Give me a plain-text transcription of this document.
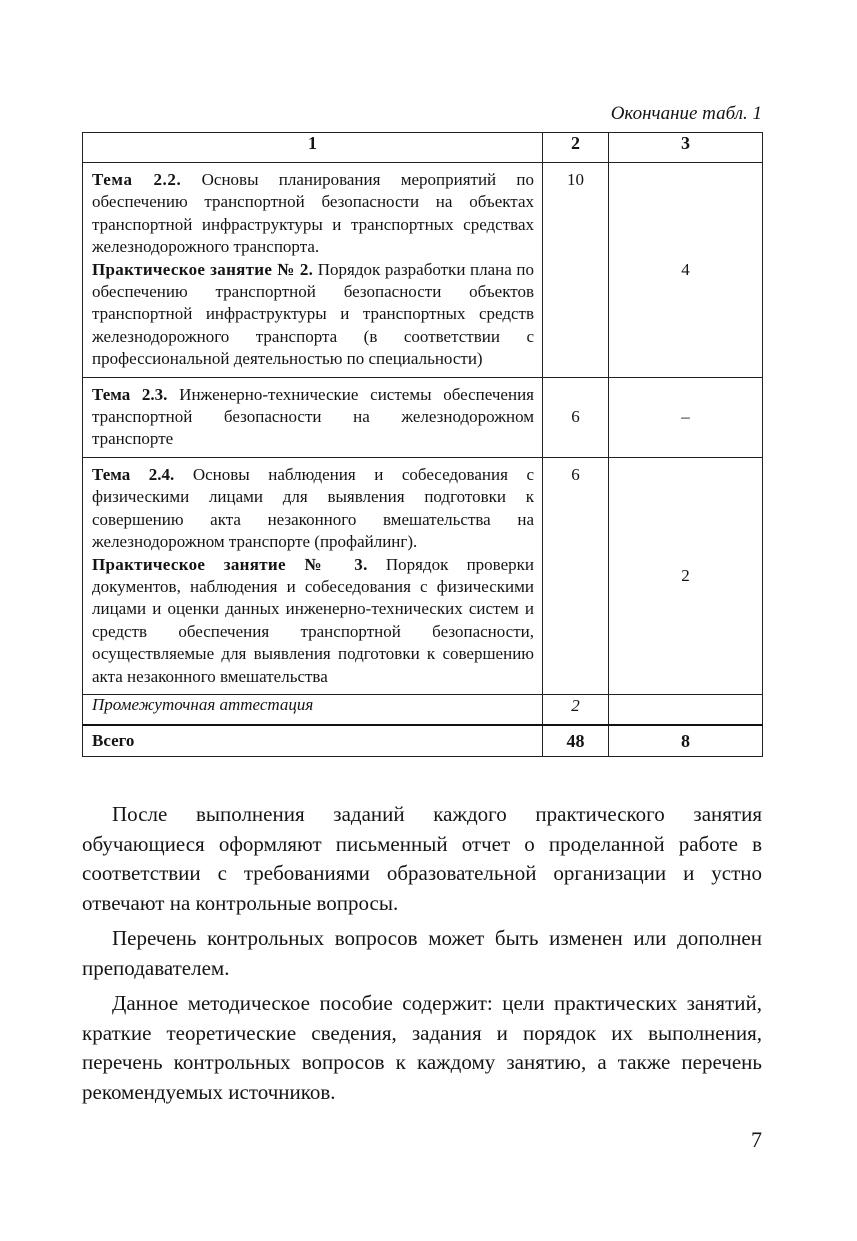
Окончание табл. 1
1	2	3
Тема 2.2. Основы планирования мероприятий по обеспечению транспортной безопасности на объектах транспортной инфраструктуры и транспортных средствах железнодорожного транспорта.
Практическое занятие № 2. Порядок разработки плана по обеспечению транспортной безопасности объектов транспортной инфраструктуры и транспортных средств железнодорожного транспорта (в соответствии с профессиональной деятельностью по специальности)	10	4
Тема 2.3. Инженерно-технические системы обеспечения транспортной безопасности на железнодорожном транспорте	6	–
Тема 2.4. Основы наблюдения и собеседования с физическими лицами для выявления подготовки к совершению акта незаконного вмешательства на железнодорожном транспорте (профайлинг).
Практическое занятие № 3. Порядок проверки документов, наблюдения и собеседования с физическими лицами и оценки данных инженерно-технических систем и средств обеспечения транспортной безопасности, осуществляемые для выявления подготовки к совершению акта незаконного вмешательства	6	2
Промежуточная аттестация	2	
Всего	48	8

После выполнения заданий каждого практического занятия обучающиеся оформляют письменный отчет о проделанной работе в соответствии с требованиями образовательной организации и устно отвечают на контрольные вопросы.

Перечень контрольных вопросов может быть изменен или дополнен преподавателем.

Данное методическое пособие содержит: цели практических занятий, краткие теоретические сведения, задания и порядок их выполнения, перечень контрольных вопросов к каждому занятию, а также перечень рекомендуемых источников.

7
